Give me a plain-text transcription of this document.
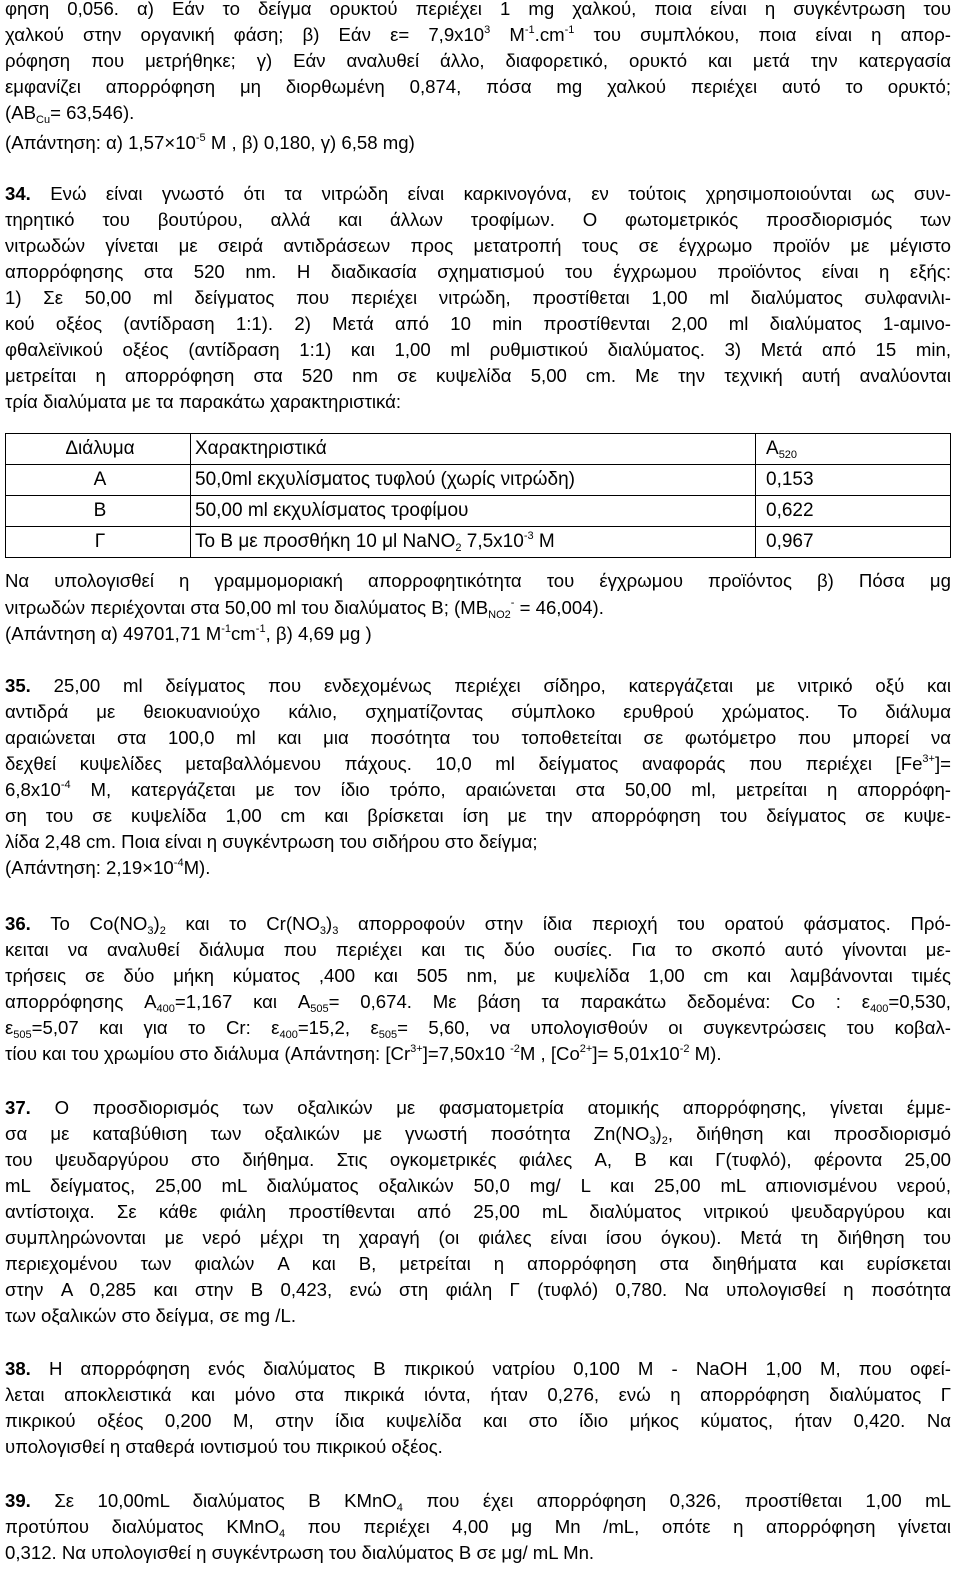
φηση 0,056. α) Εάν το δείγμα ορυκτού περιέχει 1 mg χαλκού, ποια είναι η συγκέντρωση του
χαλκού στην οργανική φάση; β) Εάν $\varepsilon= 7,9x10^3$ $M^{-1}.cm^{-1}$ του συμπλόκου, ποια είναι η απορ-
ρόφηση που μετρήθηκε; γ) Εάν αναλυθεί άλλο, διαφορετικό, ορυκτό και μετά την κατεργασία
εμφανίζει απορρόφηση μη διορθωμένη 0,874, πόσα mg χαλκού περιέχει αυτό το ορυκτό;
$(AB_{Cu}= 63,546)$.
(Απάντηση: α) $1,57\times 10^{-5}$ M , β) 0,180, γ) 6,58 mg)
34. Ενώ είναι γνωστό ότι τα νιτρώδη είναι καρκινογόνα, εν τούτοις χρησιμοποιούνται ως συν-
τηρητικό του βουτύρου, αλλά και άλλων τροφίμων. Ο φωτομετρικός προσδιορισμός των
νιτρωδών γίνεται με σειρά αντιδράσεων προς μετατροπή τους σε έγχρωμο προϊόν με μέγιστο
απορρόφησης στα 520 nm. Η διαδικασία σχηματισμού του έγχρωμου προϊόντος είναι η εξής:
1) Σε 50,00 ml δείγματος που περιέχει νιτρώδη, προστίθεται 1,00 ml διαλύματος συλφανιλι-
κού οξέος (αντίδραση 1:1). 2) Μετά από 10 min προστίθενται 2,00 ml διαλύματος 1-αμινο-
φθαλεϊνικού οξέος (αντίδραση 1:1) και 1,00 ml ρυθμιστικού διαλύματος. 3) Μετά από 15 min,
μετρείται η απορρόφηση στα 520 nm σε κυψελίδα 5,00 cm. Με την τεχνική αυτή αναλύονται
τρία διαλύματα με τα παρακάτω χαρακτηριστικά:
Διάλυμα	Χαρακτηριστικά	$A_{520}$
A	50,0ml εκχυλίσματος τυφλού (χωρίς νιτρώδη)	0,153
B	50,00 ml εκχυλίσματος τροφίμου	0,622
Γ	Το Β με προσθήκη 10 μl NaNO$_2$ $7,5x10^{-3}$ M	0,967
Να υπολογισθεί η γραμμομοριακή απορροφητικότητα του έγχρωμου προϊόντος β) Πόσα μg
νιτρωδών περιέχονται στα 50,00 ml του διαλύματος B; $(MB_{NO2}^- = 46,004)$.
(Απάντηση α) 49701,71 $M^{-1}cm^{-1}$, β) 4,69 μg )
35. 25,00 ml δείγματος που ενδεχομένως περιέχει σίδηρο, κατεργάζεται με νιτρικό οξύ και
αντιδρά με θειοκυανιούχο κάλιο, σχηματίζοντας σύμπλοκο ερυθρού χρώματος. Το διάλυμα
αραιώνεται στα 100,0 ml και μια ποσότητα του τοποθετείται σε φωτόμετρο που μπορεί να
δεχθεί κυψελίδες μεταβαλλόμενου πάχους. 10,0 ml δείγματος αναφοράς που περιέχει $[Fe^{3+}]=$
$6,8x10^{-4}$ M, κατεργάζεται με τον ίδιο τρόπο, αραιώνεται στα 50,00 ml, μετρείται η απορρόφη-
ση του σε κυψελίδα 1,00 cm και βρίσκεται ίση με την απορρόφηση του δείγματος σε κυψε-
λίδα 2,48 cm. Ποια είναι η συγκέντρωση του σιδήρου στο δείγμα;
(Απάντηση: $2,19\times 10^{-4}M$).
36. Το $Co(NO_3)_2$ και το $Cr(NO_3)_3$ απορροφούν στην ίδια περιοχή του ορατού φάσματος. Πρό-
κειται να αναλυθεί διάλυμα που περιέχει και τις δύο ουσίες. Για το σκοπό αυτό γίνονται με-
τρήσεις σε δύο μήκη κύματος ,400 και 505 nm, με κυψελίδα 1,00 cm και λαμβάνονται τιμές
απορρόφησης $A_{400}=1,167$ και $A_{505}= 0,674$. Με βάση τα παρακάτω δεδομένα: Co : $\varepsilon_{400}=0,530$,
$\varepsilon_{505}=5,07$ και για το Cr: $\varepsilon_{400}=15,2$, $\varepsilon_{505}= 5,60$, να υπολογισθούν οι συγκεντρώσεις του κοβαλ-
τίου και του χρωμίου στο διάλυμα (Απάντηση: $[Cr^{3+}]=7,50x10$ $^{-2}$M , $[Co^{2+}]= 5,01x10^{-2}$ M).
37. Ο προσδιορισμός των οξαλικών με φασματομετρία ατομικής απορρόφησης, γίνεται έμμε-
σα με καταβύθιση των οξαλικών με γνωστή ποσότητα $Zn(NO_3)_2$, διήθηση και προσδιορισμό
του ψευδαργύρου στο διήθημα. Στις ογκομετρικές φιάλες A, B και Γ(τυφλό), φέροντα 25,00
mL δείγματος, 25,00 mL διαλύματος οξαλικών 50,0 mg/ L και 25,00 mL απιονισμένου νερού,
αντίστοιχα. Σε κάθε φιάλη προστίθενται από 25,00 mL διαλύματος νιτρικού ψευδαργύρου και
συμπληρώνονται με νερό μέχρι τη χαραγή (οι φιάλες είναι ίσου όγκου). Μετά τη διήθηση του
περιεχομένου των φιαλών A και B, μετρείται η απορρόφηση στα διηθήματα και ευρίσκεται
στην A 0,285 και στην B 0,423, ενώ στη φιάλη Γ (τυφλό) 0,780. Να υπολογισθεί η ποσότητα
των οξαλικών στο δείγμα, σε mg /L.
38. Η απορρόφηση ενός διαλύματος B πικρικού νατρίου 0,100 M - NaOH 1,00 M, που οφεί-
λεται αποκλειστικά και μόνο στα πικρικά ιόντα, ήταν 0,276, ενώ η απορρόφηση διαλύματος Γ
πικρικού οξέος 0,200 M, στην ίδια κυψελίδα και στο ίδιο μήκος κύματος, ήταν 0,420. Να
υπολογισθεί η σταθερά ιοντισμού του πικρικού οξέος.
39. Σε 10,00mL διαλύματος B KMnO$_4$ που έχει απορρόφηση 0,326, προστίθεται 1,00 mL
προτύπου διαλύματος KMnO$_4$ που περιέχει 4,00 μg Mn /mL, οπότε η απορρόφηση γίνεται
0,312. Να υπολογισθεί η συγκέντρωση του διαλύματος B σε μg/ mL Mn.
